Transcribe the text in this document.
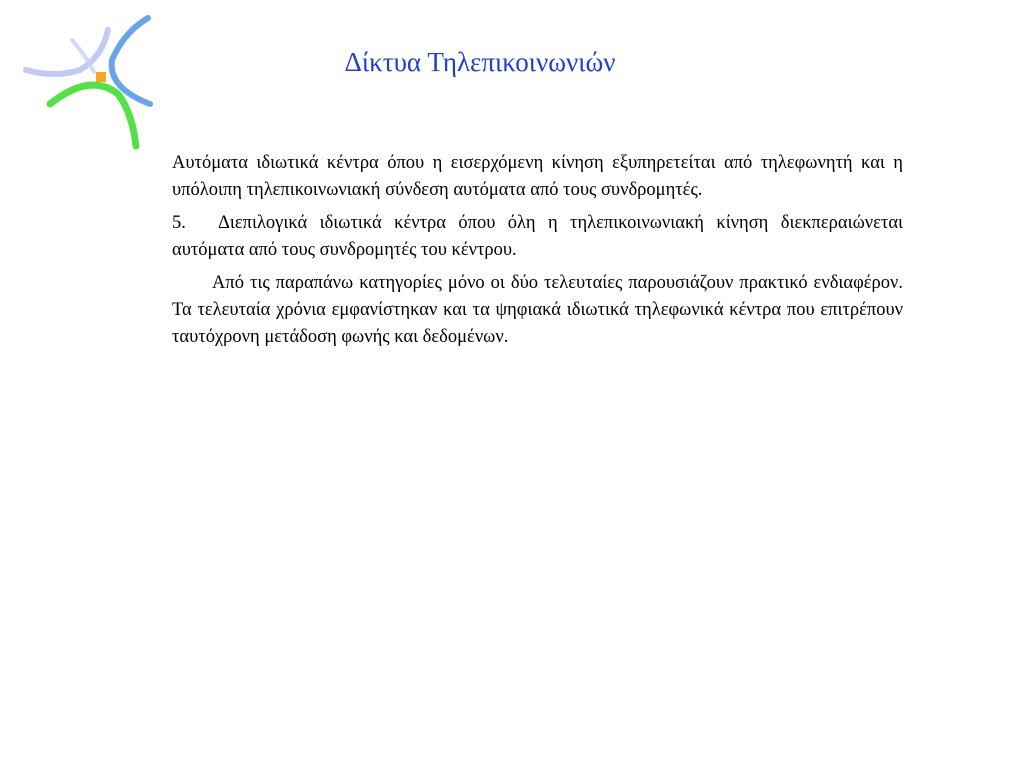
Δίκτυα Τηλεπικοινωνιών

Αυτόματα ιδιωτικά κέντρα όπου η εισερχόμενη κίνηση εξυπηρετείται από τηλεφωνητή και η υπόλοιπη τηλεπικοινωνιακή σύνδεση αυτόματα από τους συνδρομητές.

5. Διεπιλογικά ιδιωτικά κέντρα όπου όλη η τηλεπικοινωνιακή κίνηση διεκπεραιώνεται αυτόματα από τους συνδρομητές του κέντρου.

Από τις παραπάνω κατηγορίες μόνο οι δύο τελευταίες παρουσιάζουν πρακτικό ενδιαφέρον. Τα τελευταία χρόνια εμφανίστηκαν και τα ψηφιακά ιδιωτικά τηλεφωνικά κέντρα που επιτρέπουν ταυτόχρονη μετάδοση φωνής και δεδομένων.
